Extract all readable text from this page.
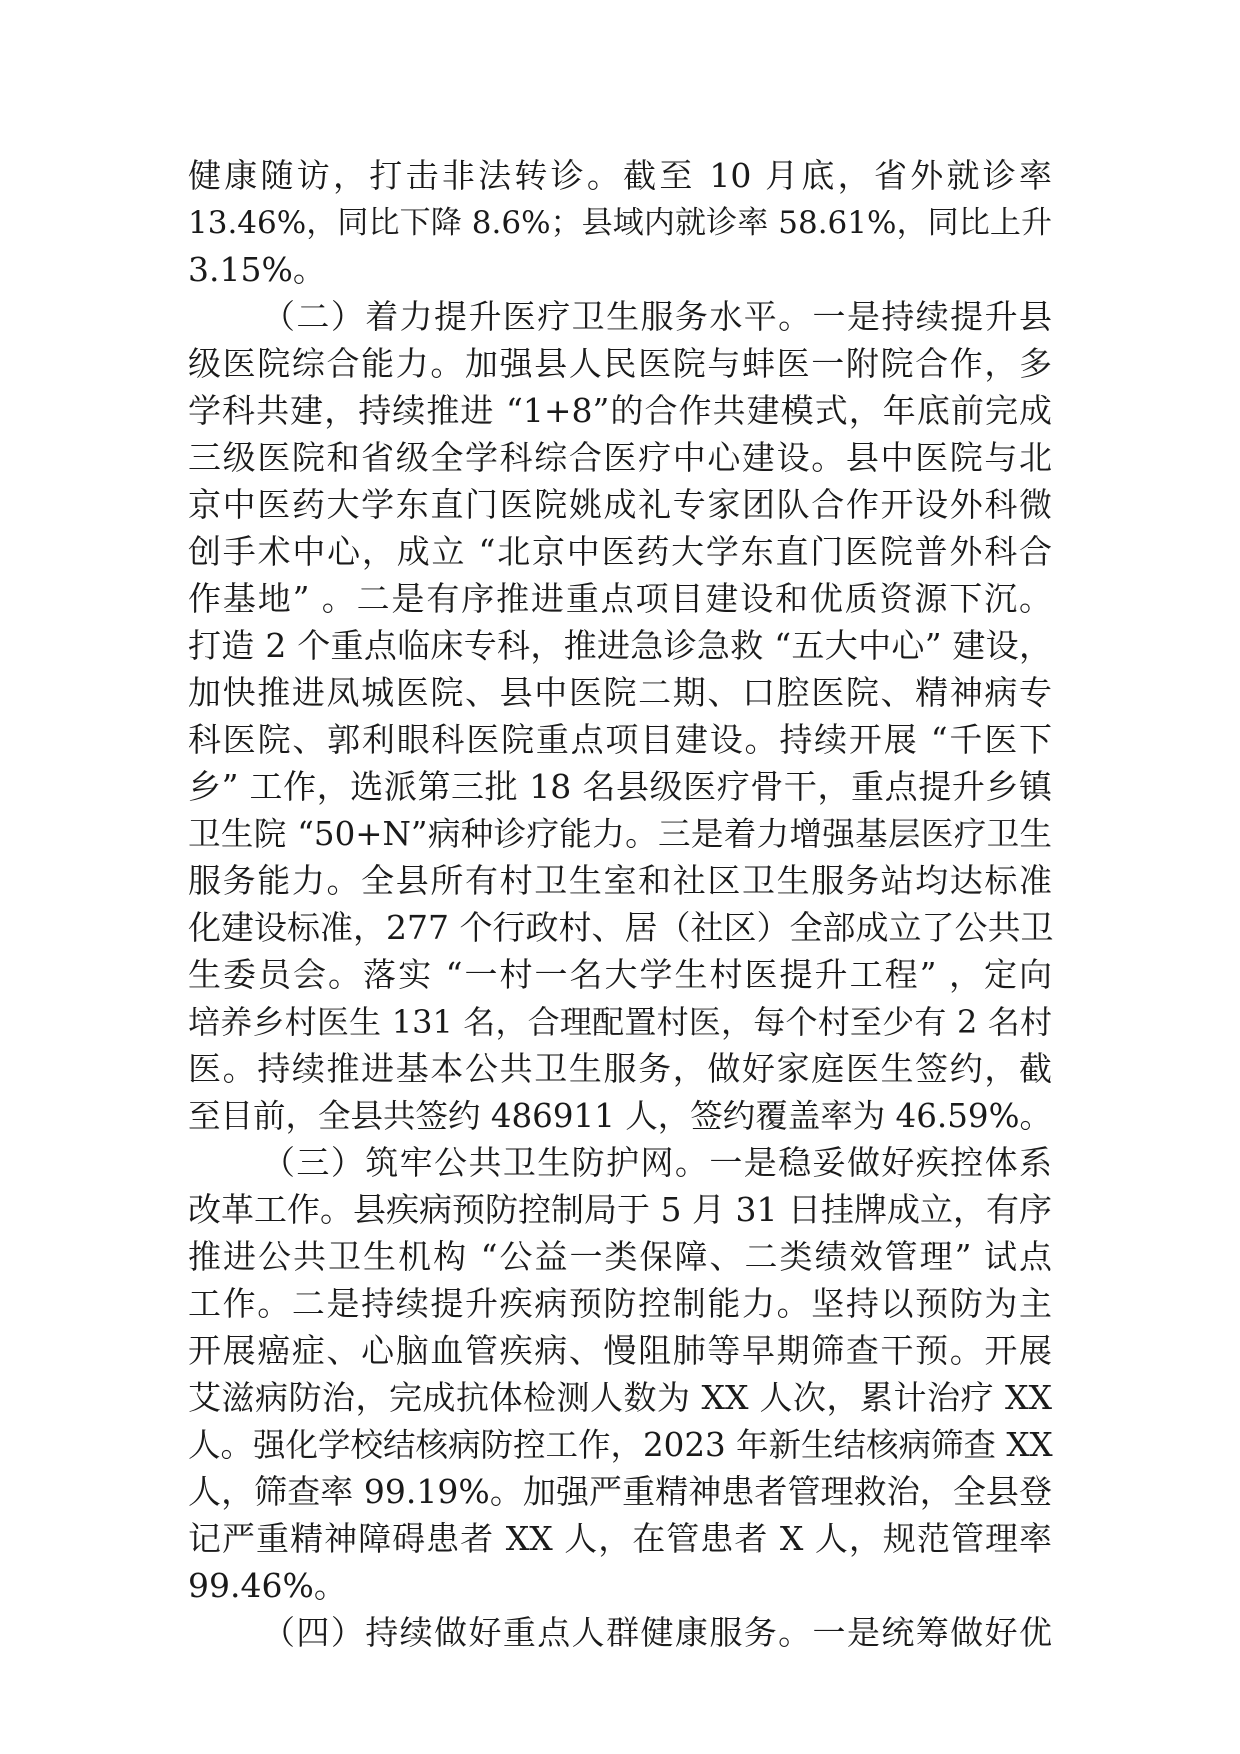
健康随访，打击非法转诊。截至 10 月底，省外就诊率

13.46%，同比下降 8.6%；县域内就诊率 58.61%，同比上升

3.15%。

（二）着力提升医疗卫生服务水平。一是持续提升县

级医院综合能力。加强县人民医院与蚌医一附院合作，多

学科共建，持续推进 “1+8”的合作共建模式，年底前完成

三级医院和省级全学科综合医疗中心建设。县中医院与北

京中医药大学东直门医院姚成礼专家团队合作开设外科微

创手术中心，成立 “北京中医药大学东直门医院普外科合

作基地” 。二是有序推进重点项目建设和优质资源下沉。

打造 2 个重点临床专科，推进急诊急救 “五大中心” 建设，

加快推进凤城医院、县中医院二期、口腔医院、精神病专

科医院、郭利眼科医院重点项目建设。持续开展 “千医下

乡” 工作，选派第三批 18 名县级医疗骨干，重点提升乡镇

卫生院 “50+N”病种诊疗能力。三是着力增强基层医疗卫生

服务能力。全县所有村卫生室和社区卫生服务站均达标准

化建设标准，277 个行政村、居（社区）全部成立了公共卫

生委员会。落实 “一村一名大学生村医提升工程” ，定向

培养乡村医生 131 名，合理配置村医，每个村至少有 2 名村

医。持续推进基本公共卫生服务，做好家庭医生签约，截

至目前，全县共签约 486911 人，签约覆盖率为 46.59%。

（三）筑牢公共卫生防护网。一是稳妥做好疾控体系

改革工作。县疾病预防控制局于 5 月 31 日挂牌成立，有序

推进公共卫生机构 “公益一类保障、二类绩效管理” 试点

工作。二是持续提升疾病预防控制能力。坚持以预防为主

开展癌症、心脑血管疾病、慢阻肺等早期筛查干预。开展

艾滋病防治，完成抗体检测人数为 XX 人次，累计治疗 XX

人。强化学校结核病防控工作，2023 年新生结核病筛查 XX

人，筛查率 99.19%。加强严重精神患者管理救治，全县登

记严重精神障碍患者 XX 人，在管患者 X 人，规范管理率

99.46%。

（四）持续做好重点人群健康服务。一是统筹做好优
